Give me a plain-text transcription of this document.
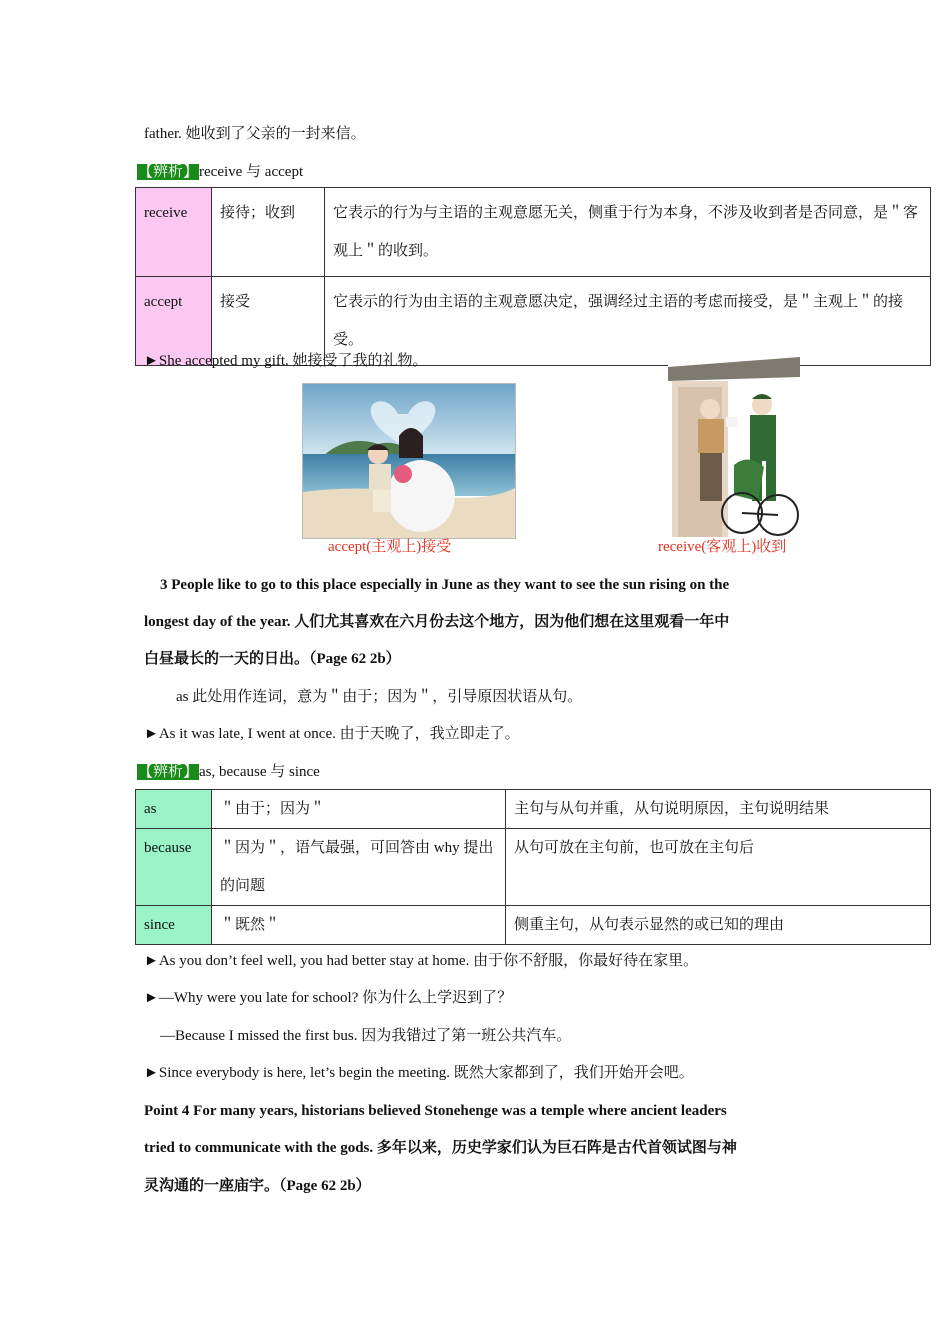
father. 她收到了父亲的一封来信。
【辨析】receive 与 accept
receive	接待；收到	它表示的行为与主语的主观意愿无关，侧重于行为本身，不涉及收到者是否同意，是＂客观上＂的收到。
accept	接受	它表示的行为由主语的主观意愿决定，强调经过主语的考虑而接受，是＂主观上＂的接受。
►She accepted my gift. 她接受了我的礼物。
accept(主观上)接受	receive(客观上)收到
3 People like to go to this place especially in June as they want to see the sun rising on the
longest day of the year. 人们尤其喜欢在六月份去这个地方，因为他们想在这里观看一年中
白昼最长的一天的日出。（Page 62 2b）
as 此处用作连词，意为＂由于；因为＂，引导原因状语从句。
►As it was late, I went at once. 由于天晚了，我立即走了。
【辨析】as, because 与 since
as	＂由于；因为＂	主句与从句并重，从句说明原因，主句说明结果
because	＂因为＂，语气最强，可回答由 why 提出的问题	从句可放在主句前，也可放在主句后
since	＂既然＂	侧重主句，从句表示显然的或已知的理由
►As you don’t feel well, you had better stay at home. 由于你不舒服，你最好待在家里。
►—Why were you late for school? 你为什么上学迟到了？
—Because I missed the first bus. 因为我错过了第一班公共汽车。
►Since everybody is here, let’s begin the meeting. 既然大家都到了，我们开始开会吧。
Point 4 For many years, historians believed Stonehenge was a temple where ancient leaders
tried to communicate with the gods. 多年以来，历史学家们认为巨石阵是古代首领试图与神
灵沟通的一座庙宇。（Page 62 2b）
